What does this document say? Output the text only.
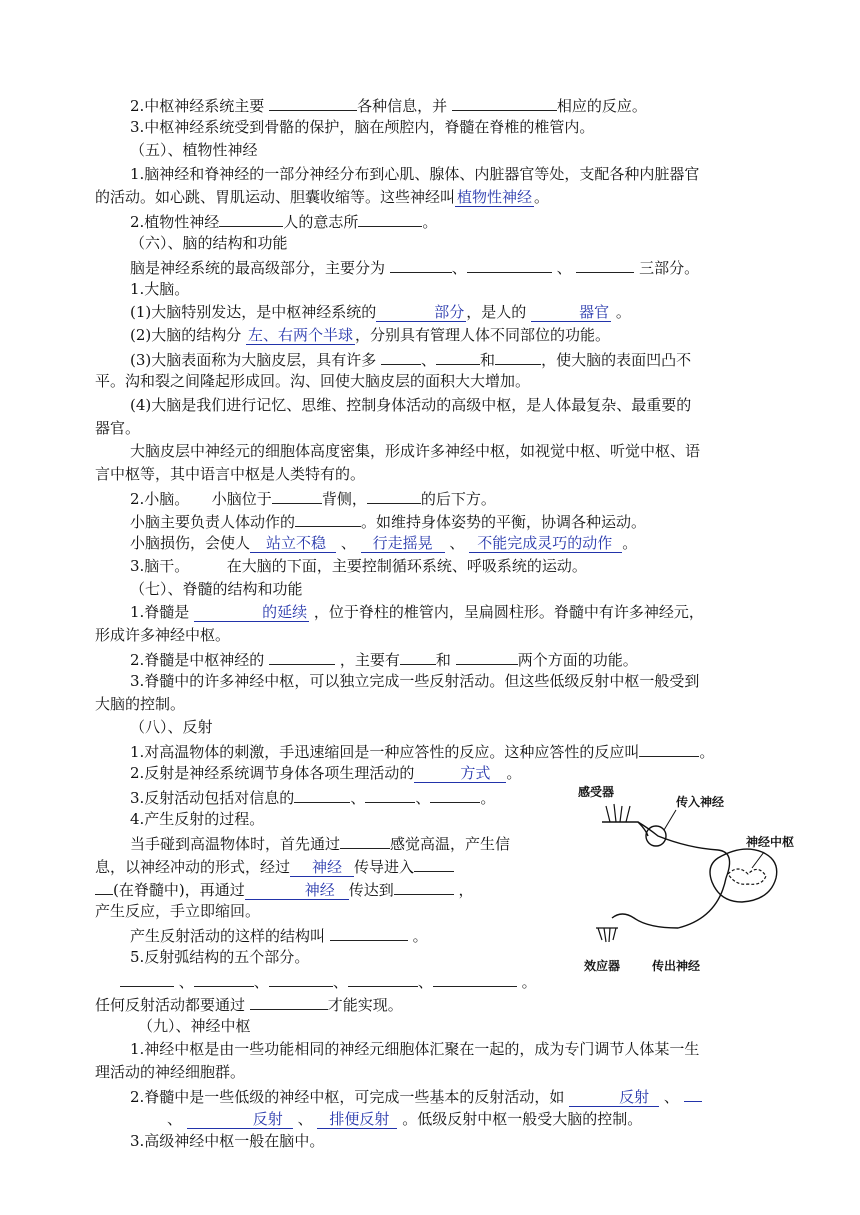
2.中枢神经系统主要	各种信息，并	相应的反应。
3.中枢神经系统受到骨骼的保护，脑在颅腔内，脊髓在脊椎的椎管内。
（五）、植物性神经
1.脑神经和脊神经的一部分神经分布到心肌、腺体、内脏器官等处，支配各种内脏器官
的活动。如心跳、胃肌运动、胆囊收缩等。这些神经叫 植物性神经 。
2.植物性神经	人的意志所	。
（六）、脑的结构和功能
脑是神经系统的最高级部分，主要分为	、	、	三部分。
1.大脑。
(1)大脑特别发达，是中枢神经系统的	部分 ，是人的	器官 。
(2)大脑的结构分 左、右两个半球 ，分别具有管理人体不同部位的功能。
(3)大脑表面称为大脑皮层，具有许多	、	和	，使大脑的表面凹凸不
平。沟和裂之间隆起形成回。沟、回使大脑皮层的面积大大增加。
(4)大脑是我们进行记忆、思维、控制身体活动的高级中枢，是人体最复杂、最重要的
器官。
大脑皮层中神经元的细胞体高度密集，形成许多神经中枢，如视觉中枢、听觉中枢、语
言中枢等，其中语言中枢是人类特有的。
2.小脑。　　小脑位于	背侧，	的后下方。
小脑主要负责人体动作的	。如维持身体姿势的平衡，协调各种运动。
小脑损伤，会使人 站立不稳 、 行走摇晃 、 不能完成灵巧的动作 。
3.脑干。　　　在大脑的下面，主要控制循环系统、呼吸系统的运动。
（七）、脊髓的结构和功能
1.脊髓是	的延续 ，位于脊柱的椎管内，呈扁圆柱形。脊髓中有许多神经元，
形成许多神经中枢。
2.脊髓是中枢神经的	，主要有 和	两个方面的功能。
3.脊髓中的许多神经中枢，可以独立完成一些反射活动。但这些低级反射中枢一般受到
大脑的控制。
（八）、反射
1.对高温物体的刺激，手迅速缩回是一种应答性的反应。这种应答性的反应叫	。
2.反射是神经系统调节身体各项生理活动的	方式 。
3.反射活动包括对信息的	、	、	。
4.产生反射的过程。
当手碰到高温物体时，首先通过	感觉高温，产生信
息，以神经冲动的形式，经过 神经 传导进入
(在脊髓中)，再通过	神经 传达到	，
产生反应，手立即缩回。
产生反射活动的这样的结构叫	。
5.反射弧结构的五个部分。
、	、	、	、	。
任何反射活动都要通过	才能实现。
（九）、神经中枢
1.神经中枢是由一些功能相同的神经元细胞体汇聚在一起的，成为专门调节人体某一生
理活动的神经细胞群。
2.脊髓中是一些低级的神经中枢，可完成一些基本的反射活动，如	反射 、
、	反射 、 排便反射 。低级反射中枢一般受大脑的控制。
3.高级神经中枢一般在脑中。
感受器
传入神经
神经中枢
效应器	传出神经
